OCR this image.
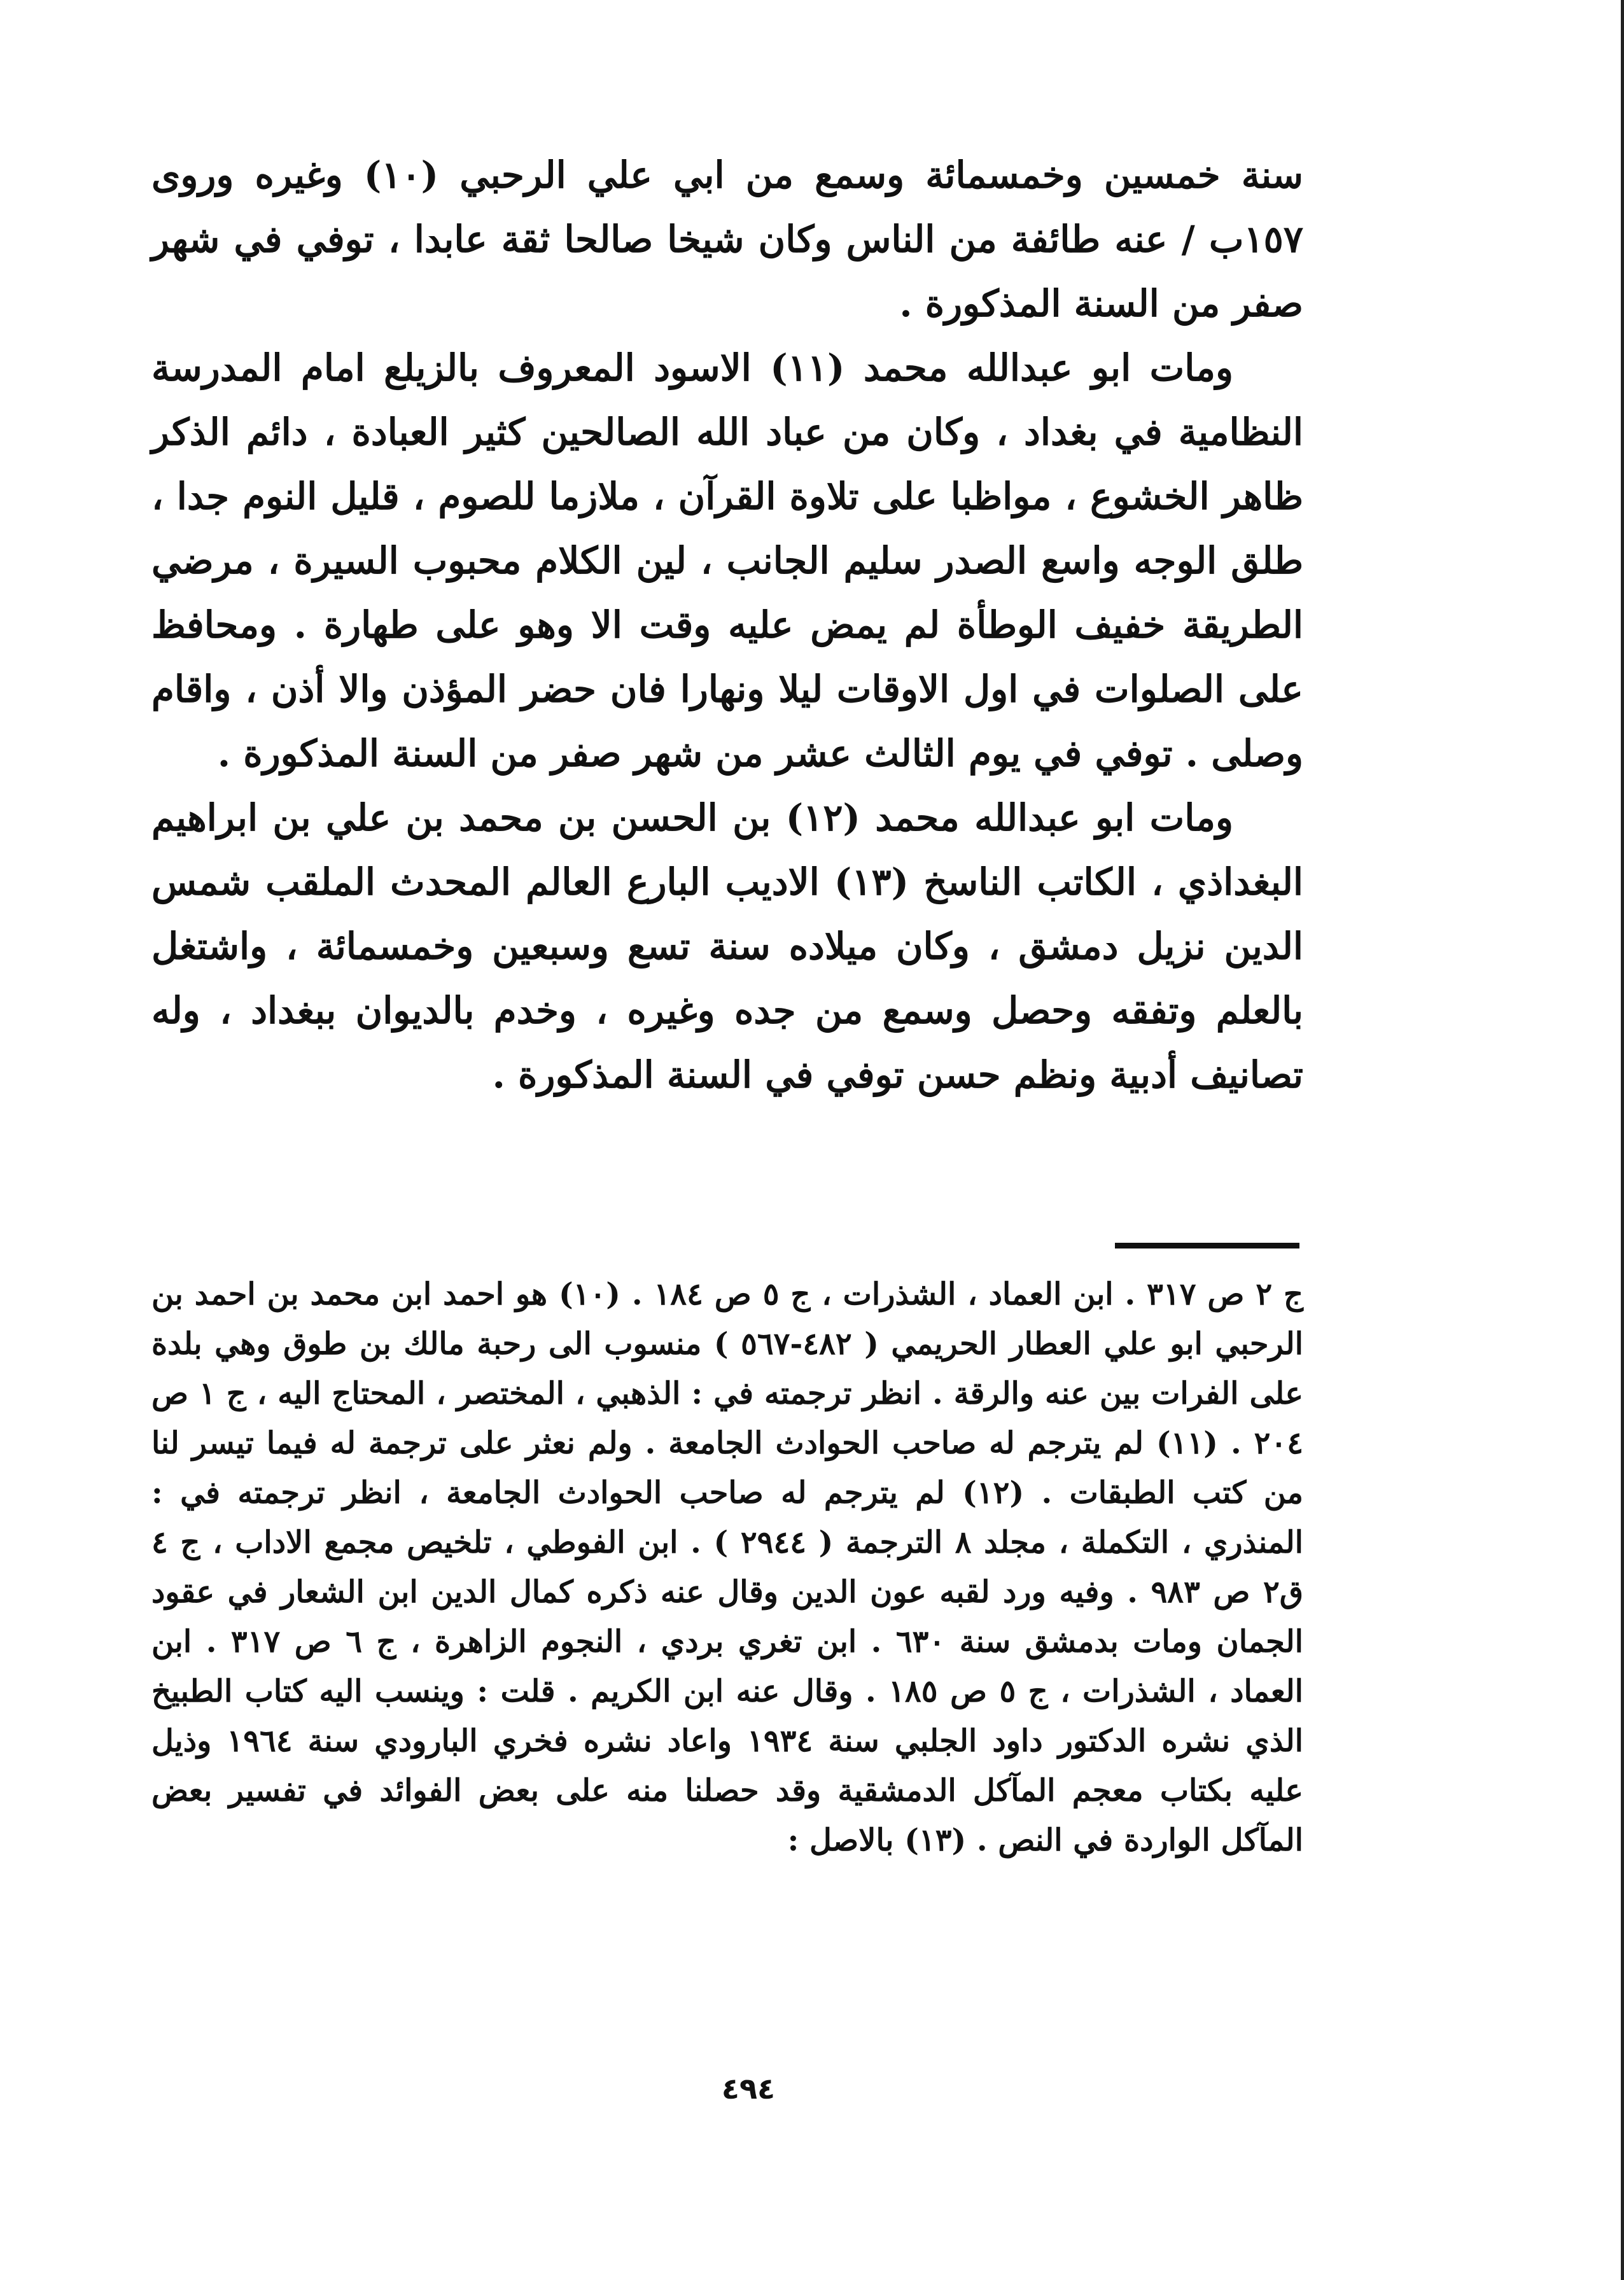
سنة خمسين وخمسمائة وسمع من ابي علي الرحبي (١٠) وغيره وروى ١٥٧ب / عنه طائفة من الناس وكان شيخا صالحا ثقة عابدا ، توفي في شهر صفر من السنة المذكورة .

ومات ابو عبدالله محمد (١١) الاسود المعروف بالزيلع امام المدرسة النظامية في بغداد ، وكان من عباد الله الصالحين كثير العبادة ، دائم الذكر ظاهر الخشوع ، مواظبا على تلاوة القرآن ، ملازما للصوم ، قليل النوم جدا ، طلق الوجه واسع الصدر سليم الجانب ، لين الكلام محبوب السيرة ، مرضي الطريقة خفيف الوطأة لم يمض عليه وقت الا وهو على طهارة . ومحافظ على الصلوات في اول الاوقات ليلا ونهارا فان حضر المؤذن والا أذن ، واقام وصلى . توفي في يوم الثالث عشر من شهر صفر من السنة المذكورة .

ومات ابو عبدالله محمد (١٢) بن الحسن بن محمد بن علي بن ابراهيم البغداذي ، الكاتب الناسخ (١٣) الاديب البارع العالم المحدث الملقب شمس الدين نزيل دمشق ، وكان ميلاده سنة تسع وسبعين وخمسمائة ، واشتغل بالعلم وتفقه وحصل وسمع من جده وغيره ، وخدم بالديوان ببغداد ، وله تصانيف أدبية ونظم حسن توفي في السنة المذكورة .

ج ٢ ص ٣١٧ . ابن العماد ، الشذرات ، ج ٥ ص ١٨٤ . (١٠) هو احمد ابن محمد بن احمد بن الرحبي ابو علي العطار الحريمي ( ٤٨٢-٥٦٧ ) منسوب الى رحبة مالك بن طوق وهي بلدة على الفرات بين عنه والرقة . انظر ترجمته في : الذهبي ، المختصر ، المحتاج اليه ، ج ١ ص ٢٠٤ . (١١) لم يترجم له صاحب الحوادث الجامعة . ولم نعثر على ترجمة له فيما تيسر لنا من كتب الطبقات . (١٢) لم يترجم له صاحب الحوادث الجامعة ، انظر ترجمته في : المنذري ، التكملة ، مجلد ٨ الترجمة ( ٢٩٤٤ ) . ابن الفوطي ، تلخيص مجمع الاداب ، ج ٤ ق٢ ص ٩٨٣ . وفيه ورد لقبه عون الدين وقال عنه ذكره كمال الدين ابن الشعار في عقود الجمان ومات بدمشق سنة ٦٣٠ . ابن تغري بردي ، النجوم الزاهرة ، ج ٦ ص ٣١٧ . ابن العماد ، الشذرات ، ج ٥ ص ١٨٥ . وقال عنه ابن الكريم . قلت : وينسب اليه كتاب الطبيخ الذي نشره الدكتور داود الجلبي سنة ١٩٣٤ واعاد نشره فخري البارودي سنة ١٩٦٤ وذيل عليه بكتاب معجم المآكل الدمشقية وقد حصلنا منه على بعض الفوائد في تفسير بعض المآكل الواردة في النص . (١٣) بالاصل :

٤٩٤
